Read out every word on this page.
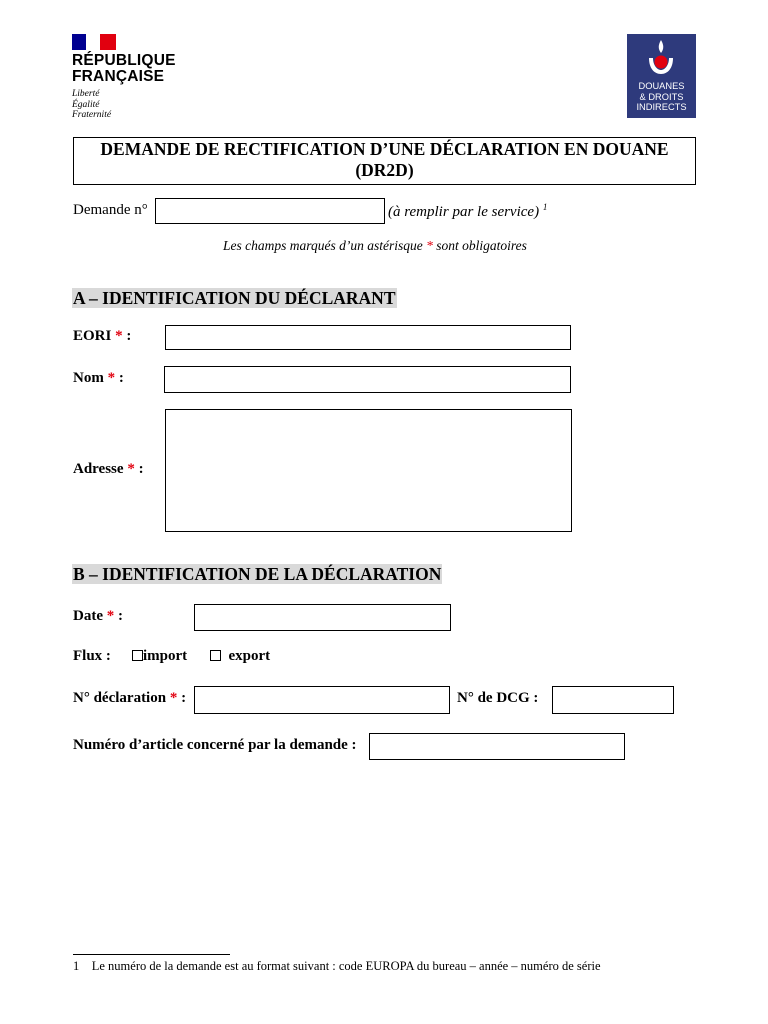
RÉPUBLIQUE
FRANÇAISE
Liberté
Égalité
Fraternité
DOUANES
& DROITS
INDIRECTS
DEMANDE DE RECTIFICATION D’UNE DÉCLARATION EN DOUANE
(DR2D)
Demande n°	(à remplir par le service) $^1$
Les champs marqués d’un astérisque * sont obligatoires
A – IDENTIFICATION DU DÉCLARANT
EORI * :
Nom * :
Adresse * :
B – IDENTIFICATION DE LA DÉCLARATION
Date * :
Flux :	import	export
N° déclaration * :	N° de DCG :
Numéro d’article concerné par la demande :
1 Le numéro de la demande est au format suivant : code EUROPA du bureau – année – numéro de série
